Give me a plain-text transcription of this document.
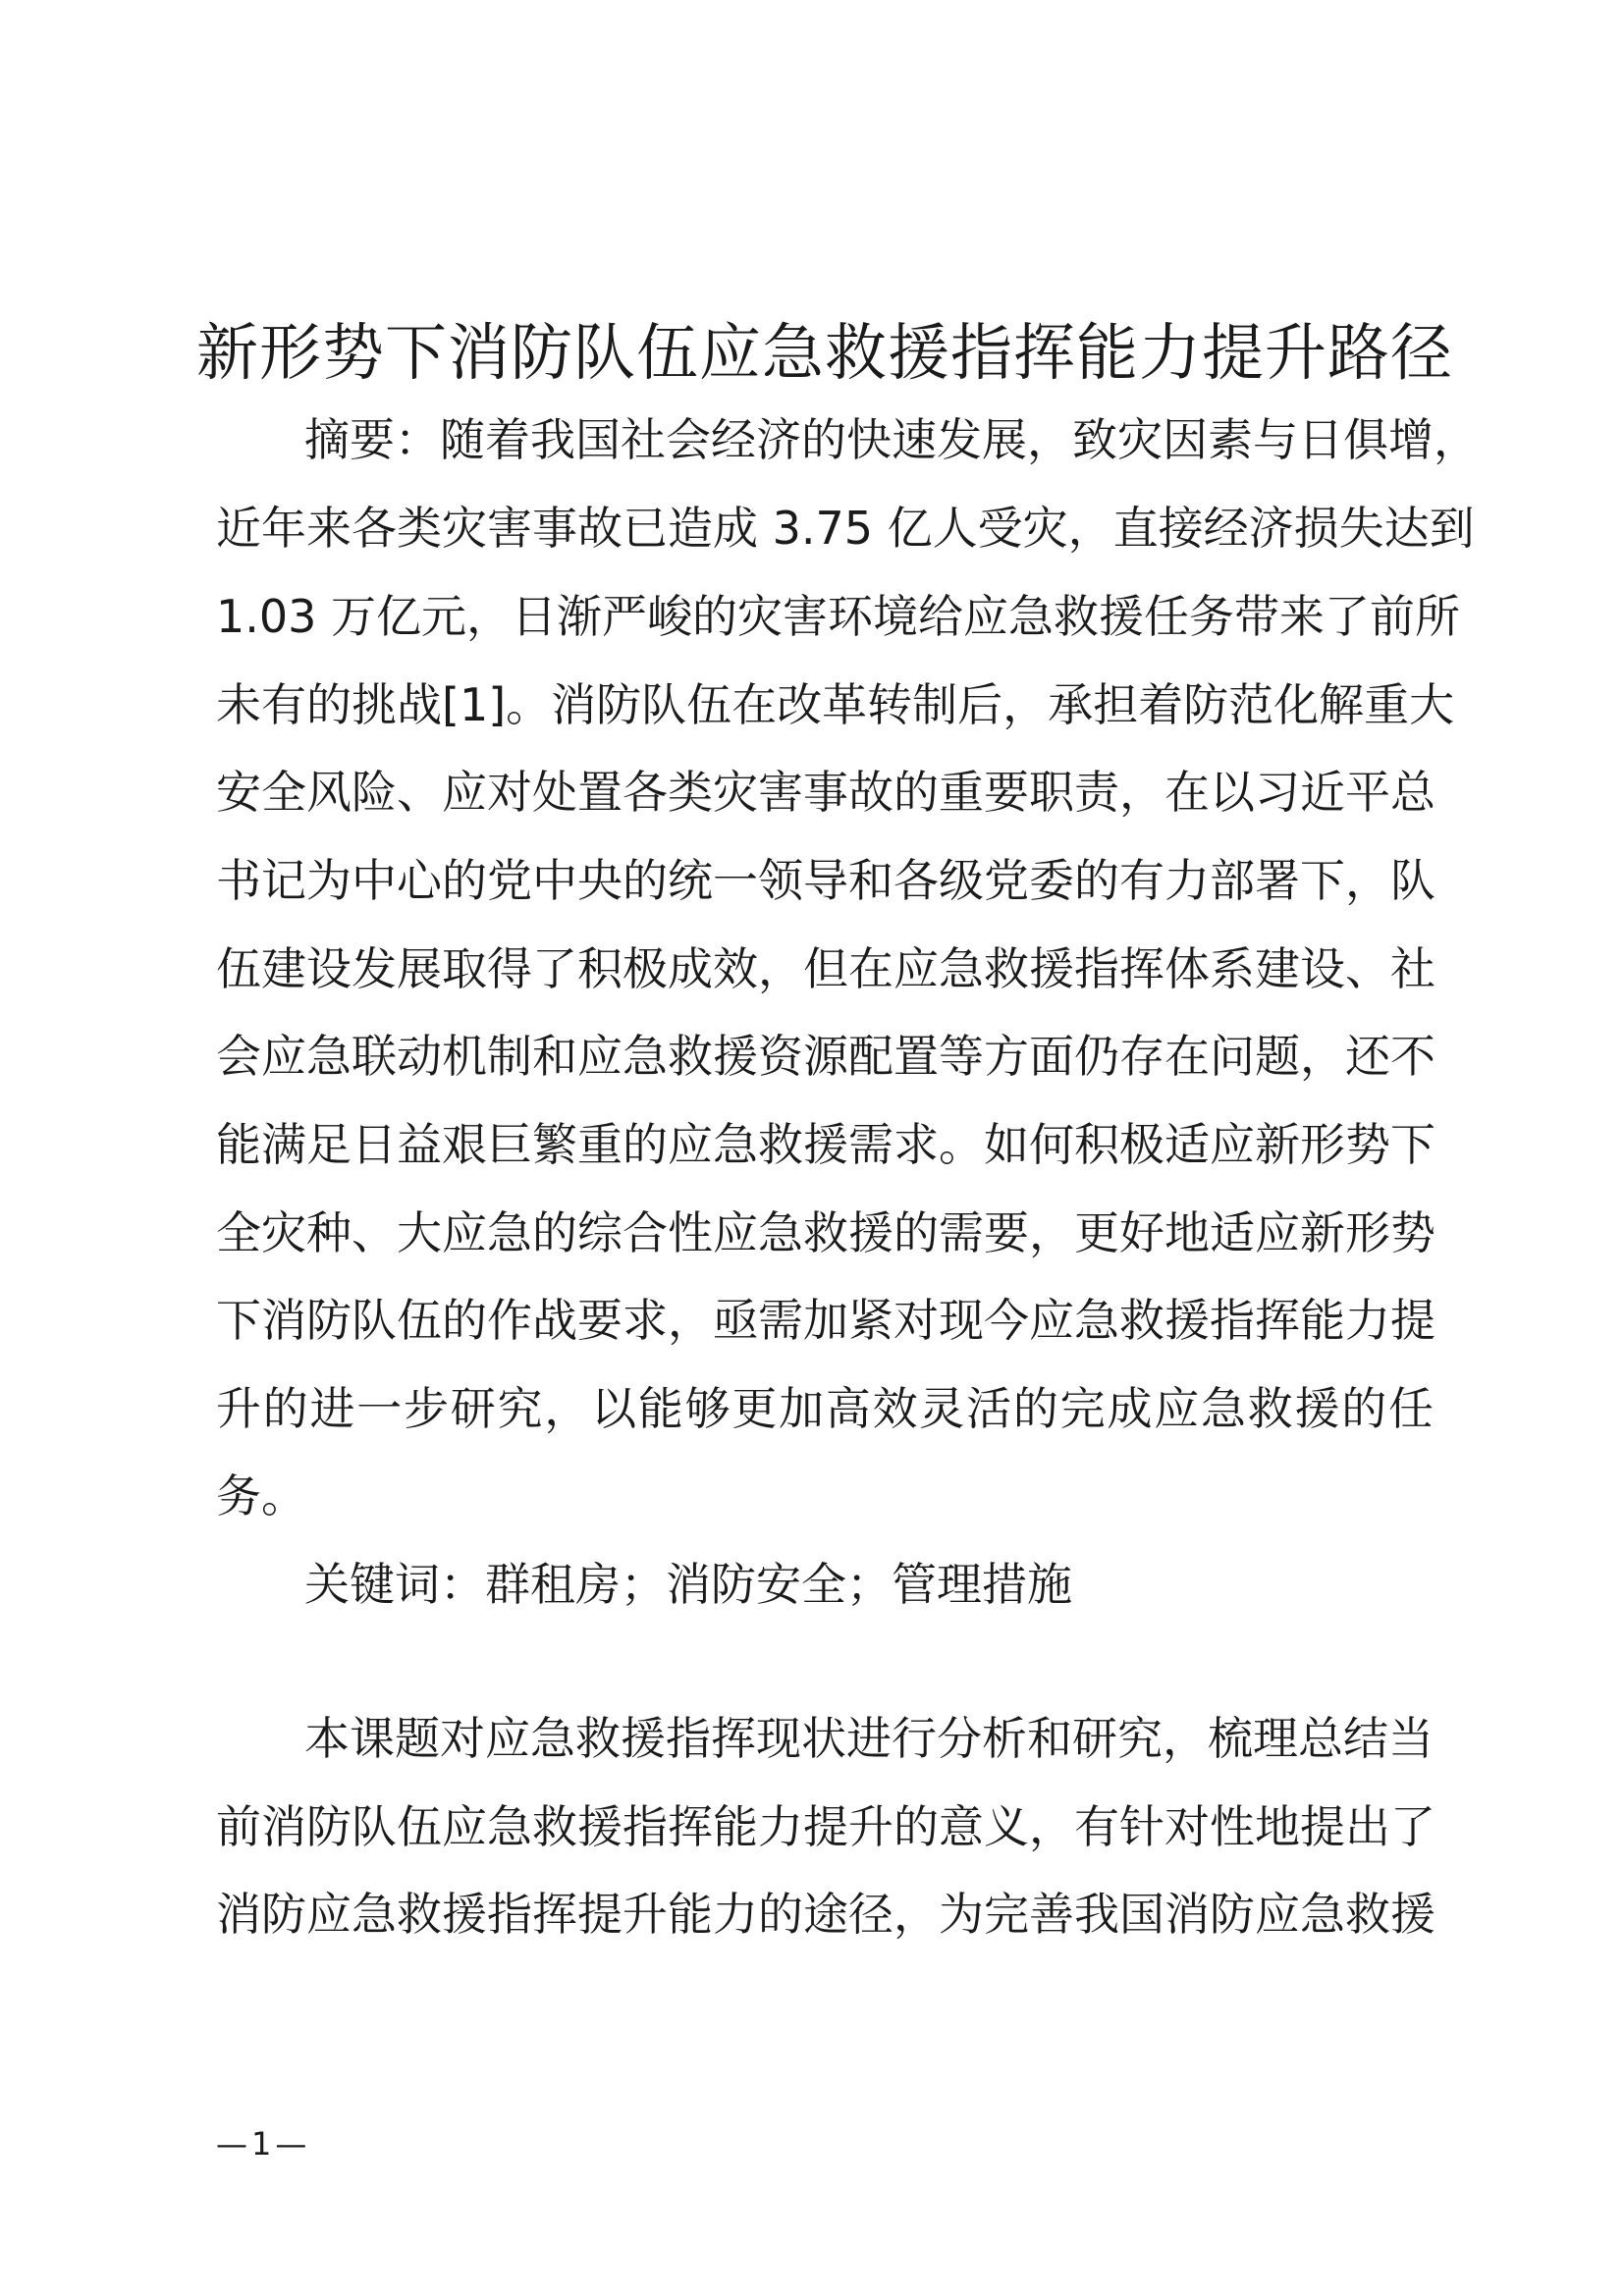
新形势下消防队伍应急救援指挥能力提升路径
摘要：随着我国社会经济的快速发展，致灾因素与日俱增，
近年来各类灾害事故已造成 3.75 亿人受灾，直接经济损失达到
1.03 万亿元，日渐严峻的灾害环境给应急救援任务带来了前所
未有的挑战[1]。消防队伍在改革转制后，承担着防范化解重大
安全风险、应对处置各类灾害事故的重要职责，在以习近平总
书记为中心的党中央的统一领导和各级党委的有力部署下，队
伍建设发展取得了积极成效，但在应急救援指挥体系建设、社
会应急联动机制和应急救援资源配置等方面仍存在问题，还不
能满足日益艰巨繁重的应急救援需求。如何积极适应新形势下
全灾种、大应急的综合性应急救援的需要，更好地适应新形势
下消防队伍的作战要求，亟需加紧对现今应急救援指挥能力提
升的进一步研究，以能够更加高效灵活的完成应急救援的任
务。
关键词：群租房；消防安全；管理措施
本课题对应急救援指挥现状进行分析和研究，梳理总结当
前消防队伍应急救援指挥能力提升的意义，有针对性地提出了
消防应急救援指挥提升能力的途径，为完善我国消防应急救援
—1—
